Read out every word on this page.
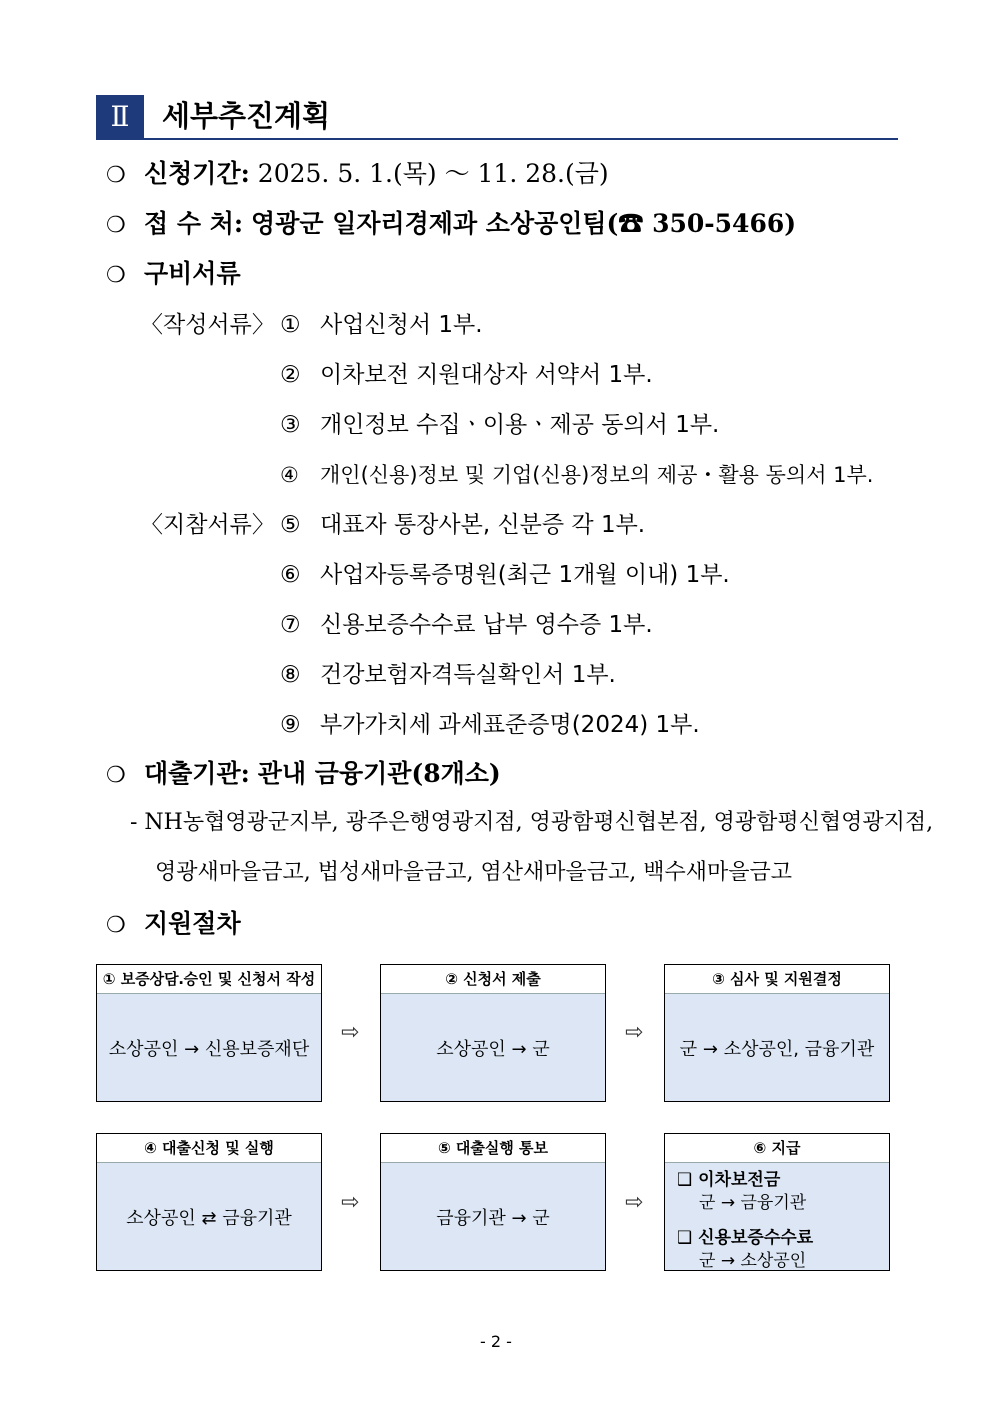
Ⅱ	세부추진계획
❍ 신청기간: 2025. 5. 1.(목) ～ 11. 28.(금)
❍ 접 수 처: 영광군 일자리경제과 소상공인팀(☎ 350-5466)
❍ 구비서류
〈작성서류〉
〈지참서류〉
① 사업신청서 1부.
② 이차보전 지원대상자 서약서 1부.
③ 개인정보 수집ㆍ이용ㆍ제공 동의서 1부.
④ 개인(신용)정보 및 기업(신용)정보의 제공・활용 동의서 1부.
⑤ 대표자 통장사본, 신분증 각 1부.
⑥ 사업자등록증명원(최근 1개월 이내) 1부.
⑦ 신용보증수수료 납부 영수증 1부.
⑧ 건강보험자격득실확인서 1부.
⑨ 부가가치세 과세표준증명(2024) 1부.
❍ 대출기관: 관내 금융기관(8개소)
- NH농협영광군지부, 광주은행영광지점, 영광함평신협본점, 영광함평신협영광지점,
영광새마을금고, 법성새마을금고, 염산새마을금고, 백수새마을금고
❍ 지원절차
① 보증상담․승인 및 신청서 작성
소상공인 → 신용보증재단
⇨
② 신청서 제출
소상공인 → 군
⇨
③ 심사 및 지원결정
군 → 소상공인, 금융기관
④ 대출신청 및 실행
소상공인 ⇄ 금융기관
⇨
⑤ 대출실행 통보
금융기관 → 군
⇨
⑥ 지급
❑ 이차보전금
군 → 금융기관
❑ 신용보증수수료
군 → 소상공인
- 2 -
